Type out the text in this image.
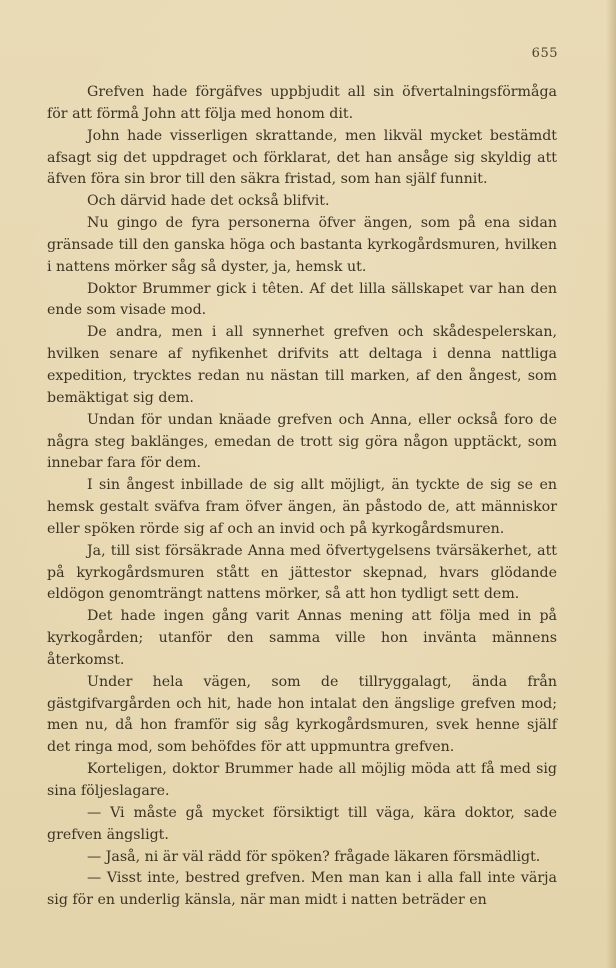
655

Grefven hade förgäfves uppbjudit all sin öfvertalningsförmåga för att förmå John att följa med honom dit.

John hade visserligen skrattande, men likväl mycket bestämdt afsagt sig det uppdraget och förklarat, det han ansåge sig skyldig att äfven föra sin bror till den säkra fristad, som han själf funnit.

Och därvid hade det också blifvit.

Nu gingo de fyra personerna öfver ängen, som på ena sidan gränsade till den ganska höga och bastanta kyrkogårdsmuren, hvilken i nattens mörker såg så dyster, ja, hemsk ut.

Doktor Brummer gick i têten. Af det lilla sällskapet var han den ende som visade mod.

De andra, men i all synnerhet grefven och skådespelerskan, hvilken senare af nyfikenhet drifvits att deltaga i denna nattliga expedition, trycktes redan nu nästan till marken, af den ångest, som bemäktigat sig dem.

Undan för undan knäade grefven och Anna, eller också foro de några steg baklänges, emedan de trott sig göra någon upptäckt, som innebar fara för dem.

I sin ångest inbillade de sig allt möjligt, än tyckte de sig se en hemsk gestalt sväfva fram öfver ängen, än påstodo de, att människor eller spöken rörde sig af och an invid och på kyrkogårdsmuren.

Ja, till sist försäkrade Anna med öfvertygelsens tvärsäkerhet, att på kyrkogårdsmuren stått en jättestor skepnad, hvars glödande eldögon genomträngt nattens mörker, så att hon tydligt sett dem.

Det hade ingen gång varit Annas mening att följa med in på kyrkogården; utanför den samma ville hon invänta männens återkomst.

Under hela vägen, som de tillryggalagt, ända från gästgifvargården och hit, hade hon intalat den ängslige grefven mod; men nu, då hon framför sig såg kyrkogårdsmuren, svek henne själf det ringa mod, som behöfdes för att uppmuntra grefven.

Korteligen, doktor Brummer hade all möjlig möda att få med sig sina följeslagare.

— Vi måste gå mycket försiktigt till väga, kära doktor, sade grefven ängsligt.

— Jaså, ni är väl rädd för spöken? frågade läkaren försmädligt.

— Visst inte, bestred grefven. Men man kan i alla fall inte värja sig för en underlig känsla, när man midt i natten beträder en
